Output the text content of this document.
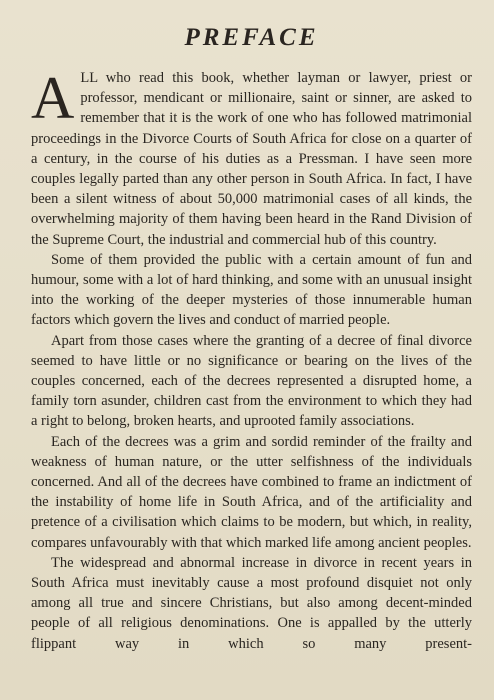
PREFACE

ALL who read this book, whether layman or lawyer, priest or professor, mendicant or millionaire, saint or sinner, are asked to remember that it is the work of one who has followed matrimonial proceedings in the Divorce Courts of South Africa for close on a quarter of a century, in the course of his duties as a Pressman. I have seen more couples legally parted than any other person in South Africa. In fact, I have been a silent witness of about 50,000 matrimonial cases of all kinds, the overwhelming majority of them having been heard in the Rand Division of the Supreme Court, the industrial and commercial hub of this country.

Some of them provided the public with a certain amount of fun and humour, some with a lot of hard thinking, and some with an unusual insight into the working of the deeper mysteries of those innumerable human factors which govern the lives and conduct of married people.

Apart from those cases where the granting of a decree of final divorce seemed to have little or no significance or bearing on the lives of the couples concerned, each of the decrees represented a disrupted home, a family torn asunder, children cast from the environment to which they had a right to belong, broken hearts, and uprooted family associations.

Each of the decrees was a grim and sordid reminder of the frailty and weakness of human nature, or the utter selfishness of the individuals concerned. And all of the decrees have combined to frame an indictment of the instability of home life in South Africa, and of the artificiality and pretence of a civilisation which claims to be modern, but which, in reality, compares unfavourably with that which marked life among ancient peoples.

The widespread and abnormal increase in divorce in recent years in South Africa must inevitably cause a most profound disquiet not only among all true and sincere Christians, but also among decent-minded people of all religious denominations. One is appalled by the utterly flippant way in which so many present-
